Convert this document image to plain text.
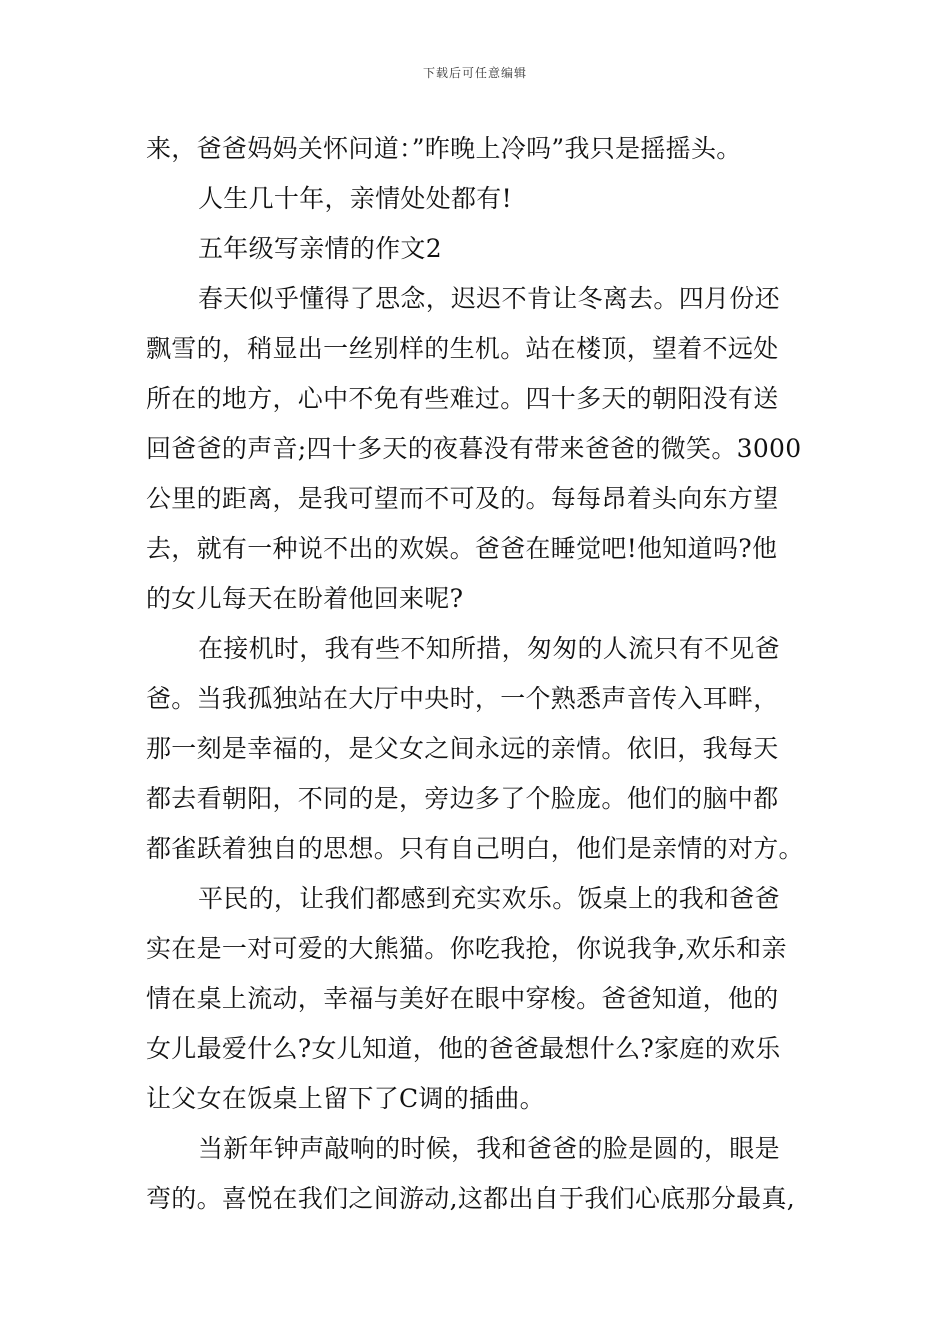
下载后可任意编辑
来，爸爸妈妈关怀问道：”昨晚上冷吗”我只是摇摇头。
人生几十年，亲情处处都有!
五年级写亲情的作文2
春天似乎懂得了思念，迟迟不肯让冬离去。四月份还
飘雪的，稍显出一丝别样的生机。站在楼顶，望着不远处
所在的地方，心中不免有些难过。四十多天的朝阳没有送
回爸爸的声音;四十多天的夜暮没有带来爸爸的微笑。3000
公里的距离，是我可望而不可及的。每每昂着头向东方望
去，就有一种说不出的欢娱。爸爸在睡觉吧!他知道吗?他
的女儿每天在盼着他回来呢?
在接机时，我有些不知所措，匆匆的人流只有不见爸
爸。当我孤独站在大厅中央时，一个熟悉声音传入耳畔，
那一刻是幸福的，是父女之间永远的亲情。依旧，我每天
都去看朝阳，不同的是，旁边多了个脸庞。他们的脑中都
都雀跃着独自的思想。只有自己明白，他们是亲情的对方。
平民的，让我们都感到充实欢乐。饭桌上的我和爸爸
实在是一对可爱的大熊猫。你吃我抢，你说我争,欢乐和亲
情在桌上流动，幸福与美好在眼中穿梭。爸爸知道，他的
女儿最爱什么?女儿知道，他的爸爸最想什么?家庭的欢乐
让父女在饭桌上留下了C调的插曲。
当新年钟声敲响的时候，我和爸爸的脸是圆的，眼是
弯的。喜悦在我们之间游动,这都出自于我们心底那分最真,
